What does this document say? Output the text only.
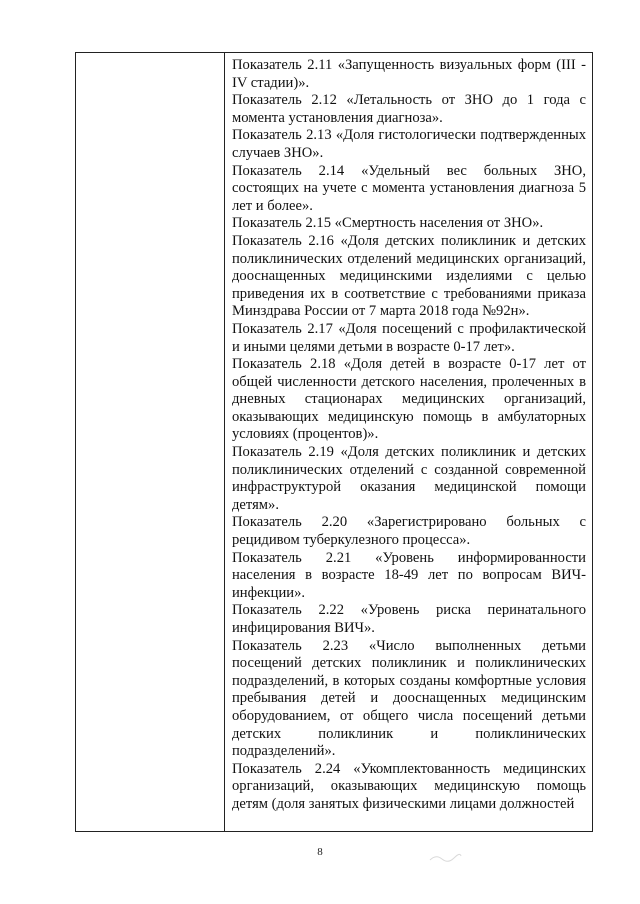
Показатель 2.11 «Запущенность визуальных форм (III - IV стадии)».

Показатель 2.12 «Летальность от ЗНО до 1 года с момента установления диагноза».

Показатель 2.13 «Доля гистологически подтвержденных случаев ЗНО».

Показатель 2.14 «Удельный вес больных ЗНО, состоящих на учете с момента установления диагноза 5 лет и более».

Показатель 2.15 «Смертность населения от ЗНО».

Показатель 2.16 «Доля детских поликлиник и детских поликлинических отделений медицинских организаций, дооснащенных медицинскими изделиями с целью приведения их в соответствие с требованиями приказа Минздрава России от 7 марта 2018 года №92н».

Показатель 2.17 «Доля посещений с профилактической и иными целями детьми в возрасте 0-17 лет».

Показатель 2.18 «Доля детей в возрасте 0-17 лет от общей численности детского населения, пролеченных в дневных стационарах медицинских организаций, оказывающих медицинскую помощь в амбулаторных условиях (процентов)».

Показатель 2.19 «Доля детских поликлиник и детских поликлинических отделений с созданной современной инфраструктурой оказания медицинской помощи детям».

Показатель 2.20 «Зарегистрировано больных с рецидивом туберкулезного процесса».

Показатель 2.21 «Уровень информированности населения в возрасте 18-49 лет по вопросам ВИЧ-инфекции».

Показатель 2.22 «Уровень риска перинатального инфицирования ВИЧ».

Показатель 2.23 «Число выполненных детьми посещений детских поликлиник и поликлинических подразделений, в которых созданы комфортные условия пребывания детей и дооснащенных медицинским оборудованием, от общего числа посещений детьми детских поликлиник и поликлинических подразделений».

Показатель 2.24 «Укомплектованность медицинских организаций, оказывающих медицинскую помощь детям (доля занятых физическими лицами должностей

8
